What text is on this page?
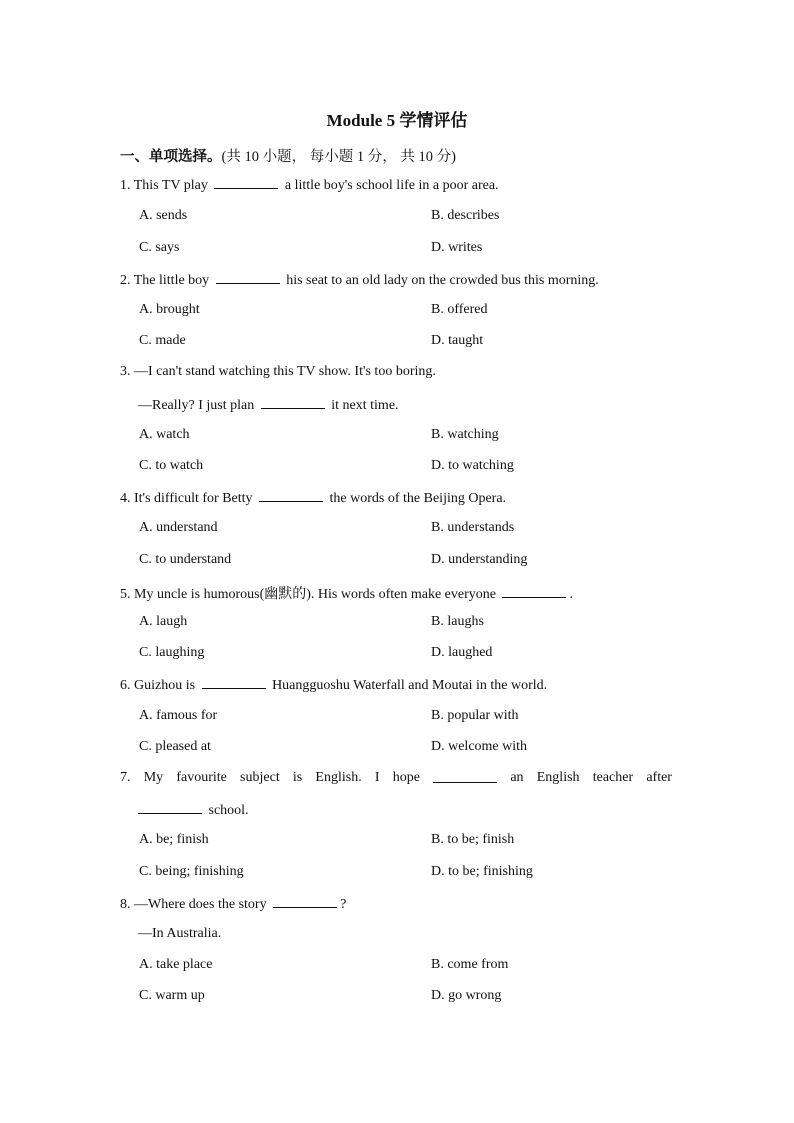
Module 5 学情评估
一、单项选择。(共 10 小题， 每小题 1 分， 共 10 分)
1. This TV play	a little boy's school life in a poor area.
A. sends	B. describes
C. says	D. writes
2. The little boy	his seat to an old lady on the crowded bus this morning.
A. brought	B. offered
C. made	D. taught
3. —I can't stand watching this TV show. It's too boring.
—Really? I just plan	it next time.
A. watch	B. watching
C. to watch	D. to watching
4. It's difficult for Betty	the words of the Beijing Opera.
A. understand	B. understands
C. to understand	D. understanding
5. My uncle is humorous(幽默的). His words often make everyone	.
A. laugh	B. laughs
C. laughing	D. laughed
6. Guizhou is	Huangguoshu Waterfall and Moutai in the world.
A. famous for	B. popular with
C. pleased at	D. welcome with
7. My favourite subject is English. I hope	an English teacher after
school.
A. be; finish	B. to be; finish
C. being; finishing	D. to be; finishing
8. —Where does the story	?
—In Australia.
A. take place	B. come from
C. warm up	D. go wrong
